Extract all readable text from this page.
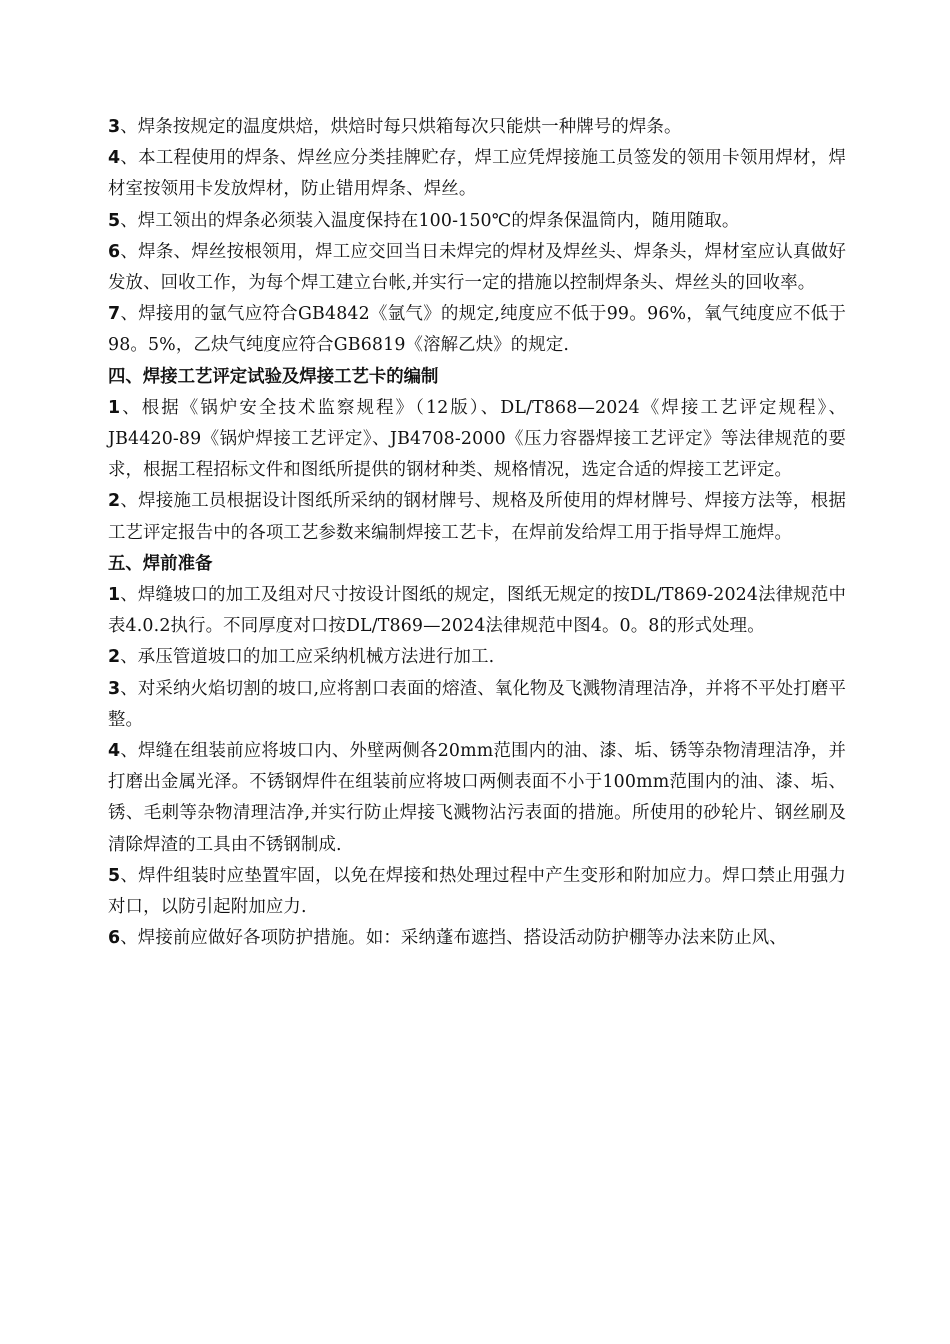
3、焊条按规定的温度烘焙，烘焙时每只烘箱每次只能烘一种牌号的焊条。

4、本工程使用的焊条、焊丝应分类挂牌贮存，焊工应凭焊接施工员签发的领用卡领用焊材，焊材室按领用卡发放焊材，防止错用焊条、焊丝。

5、焊工领出的焊条必须装入温度保持在100-150℃的焊条保温筒内，随用随取。

6、焊条、焊丝按根领用，焊工应交回当日未焊完的焊材及焊丝头、焊条头，焊材室应认真做好发放、回收工作，为每个焊工建立台帐,并实行一定的措施以控制焊条头、焊丝头的回收率。

7、焊接用的氩气应符合GB4842《氩气》的规定,纯度应不低于99。96%，氧气纯度应不低于98。5%，乙炔气纯度应符合GB6819《溶解乙炔》的规定.

四、焊接工艺评定试验及焊接工艺卡的编制

1、根据《锅炉安全技术监察规程》（12版）、DL/T868—2024《焊接工艺评定规程》、JB4420-89《锅炉焊接工艺评定》、JB4708-2000《压力容器焊接工艺评定》等法律规范的要求，根据工程招标文件和图纸所提供的钢材种类、规格情况，选定合适的焊接工艺评定。

2、焊接施工员根据设计图纸所采纳的钢材牌号、规格及所使用的焊材牌号、焊接方法等，根据工艺评定报告中的各项工艺参数来编制焊接工艺卡，在焊前发给焊工用于指导焊工施焊。

五、焊前准备

1、焊缝坡口的加工及组对尺寸按设计图纸的规定，图纸无规定的按DL/T869-2024法律规范中表4.0.2执行。不同厚度对口按DL/T869—2024法律规范中图4。0。8的形式处理。

2、承压管道坡口的加工应采纳机械方法进行加工.

3、对采纳火焰切割的坡口,应将割口表面的熔渣、氧化物及飞溅物清理洁净，并将不平处打磨平整。

4、焊缝在组装前应将坡口内、外壁两侧各20mm范围内的油、漆、垢、锈等杂物清理洁净，并打磨出金属光泽。不锈钢焊件在组装前应将坡口两侧表面不小于100mm范围内的油、漆、垢、锈、毛刺等杂物清理洁净,并实行防止焊接飞溅物沾污表面的措施。所使用的砂轮片、钢丝刷及清除焊渣的工具由不锈钢制成.

5、焊件组装时应垫置牢固，以免在焊接和热处理过程中产生变形和附加应力。焊口禁止用强力对口，以防引起附加应力.

6、焊接前应做好各项防护措施。如：采纳蓬布遮挡、搭设活动防护棚等办法来防止风、
